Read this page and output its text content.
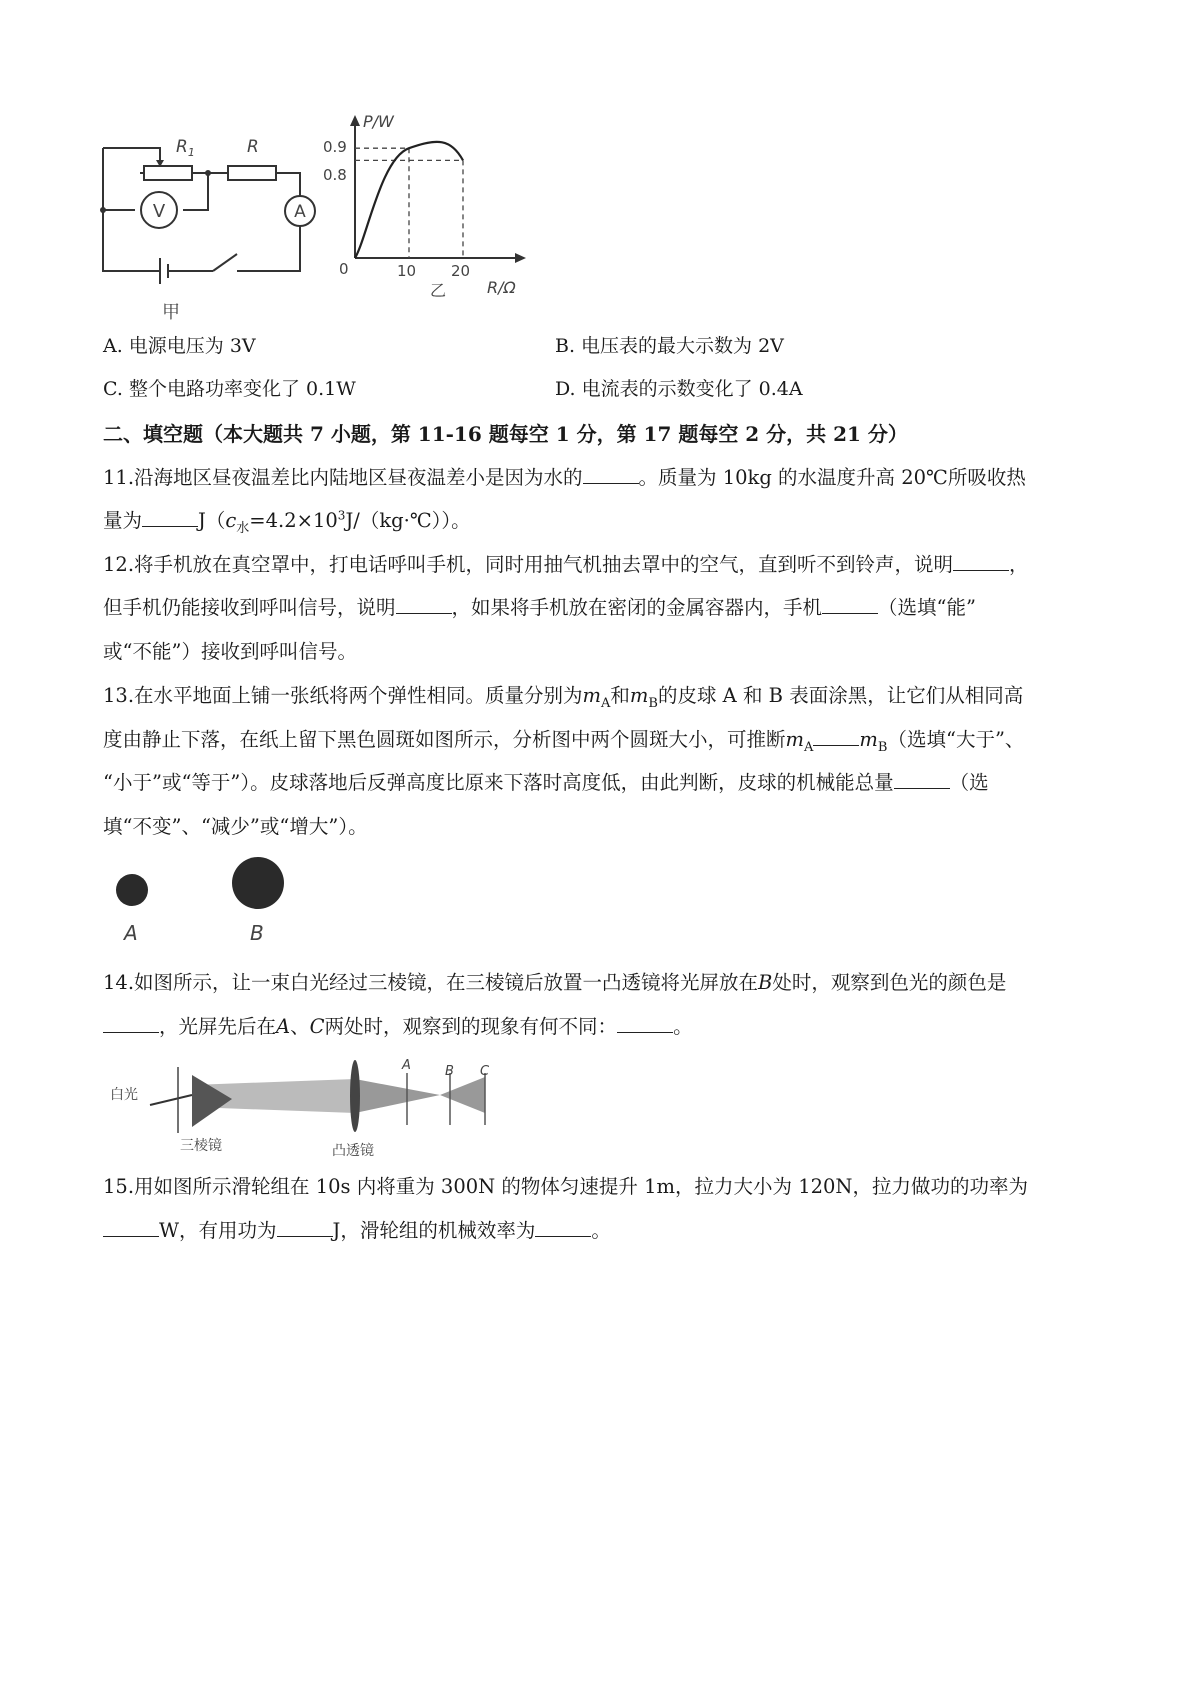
V	A
$R_1$	R
甲
P/W
R/Ω
0.9
0.8
0	10 20
乙
A. 电源电压为 3V	B. 电压表的最大示数为 2V
C. 整个电路功率变化了 0.1W	D. 电流表的示数变化了 0.4A
二、填空题（本大题共 7 小题，第 11-16 题每空 1 分，第 17 题每空 2 分，共 21 分）
11.沿海地区昼夜温差比内陆地区昼夜温差小是因为水的	。质量为 10kg 的水温度升高 20℃所吸收热
量为	$J(c_水=4.2\times 10^3J/(kg\cdot℃))$。
12.将手机放在真空罩中，打电话呼叫手机，同时用抽气机抽去罩中的空气，直到听不到铃声，说明	，
但手机仍能接收到呼叫信号，说明	，如果将手机放在密闭的金属容器内，手机	（选填“能”
或“不能”）接收到呼叫信号。
13.在水平地面上铺一张纸将两个弹性相同。质量分别为$m_A$和$m_B$的皮球 A 和 B 表面涂黑，让它们从相同高
度由静止下落，在纸上留下黑色圆斑如图所示，分析图中两个圆斑大小，可推断$m_A$ $m_B$（选填“大于”、
“小于”或“等于”）。皮球落地后反弹高度比原来下落时高度低，由此判断，皮球的机械能总量	（选
填“不变”、“减少”或“增大”）。
A	B
14.如图所示，让一束白光经过三棱镜，在三棱镜后放置一凸透镜将光屏放在B处时，观察到色光的颜色是
，光屏先后在A、C两处时，观察到的现象有何不同：	。
白光
三棱镜	凸透镜
A	B C
15.用如图所示滑轮组在 10s 内将重为 300N 的物体匀速提升 1m，拉力大小为 120N，拉力做功的功率为
W，有用功为	J，滑轮组的机械效率为	。
